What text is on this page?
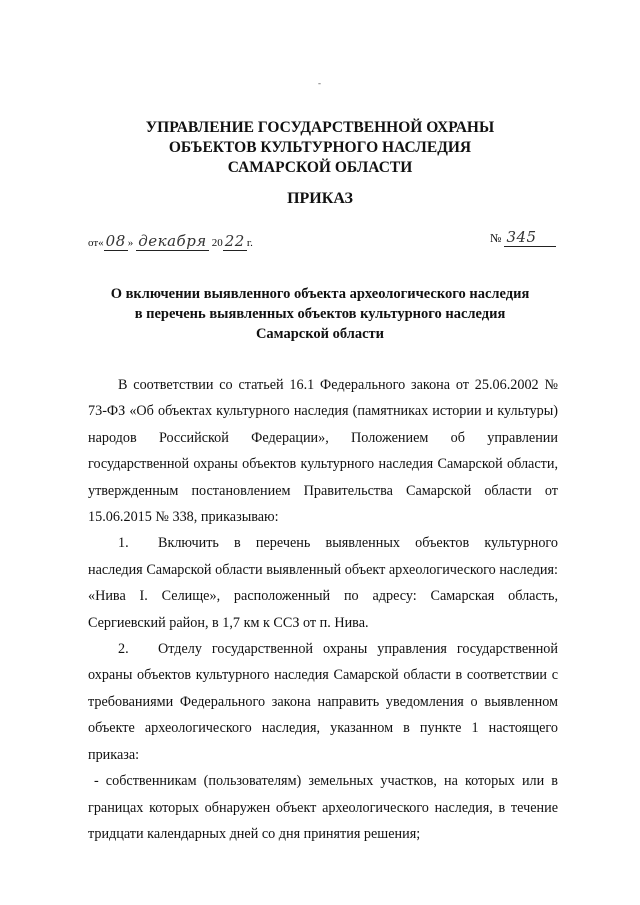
-
УПРАВЛЕНИЕ ГОСУДАРСТВЕННОЙ ОХРАНЫ
ОБЪЕКТОВ КУЛЬТУРНОГО НАСЛЕДИЯ
САМАРСКОЙ ОБЛАСТИ
ПРИКАЗ
от« 08 » декабря 20 22 г.	№ 345
О включении выявленного объекта археологического наследия
в перечень выявленных объектов культурного наследия
Самарской области

В соответствии со статьей 16.1 Федерального закона от 25.06.2002 № 73-ФЗ «Об объектах культурного наследия (памятниках истории и культуры) народов Российской Федерации», Положением об управлении государственной охраны объектов культурного наследия Самарской области, утвержденным постановлением Правительства Самарской области от 15.06.2015 № 338, приказываю:

1. Включить в перечень выявленных объектов культурного наследия Самарской области выявленный объект археологического наследия: «Нива I. Селище», расположенный по адресу: Самарская область, Сергиевский район, в 1,7 км к ССЗ от п. Нива.

2. Отделу государственной охраны управления государственной охраны объектов культурного наследия Самарской области в соответствии с требованиями Федерального закона направить уведомления о выявленном объекте археологического наследия, указанном в пункте 1 настоящего приказа:

- собственникам (пользователям) земельных участков, на которых или в границах которых обнаружен объект археологического наследия, в течение тридцати календарных дней со дня принятия решения;
